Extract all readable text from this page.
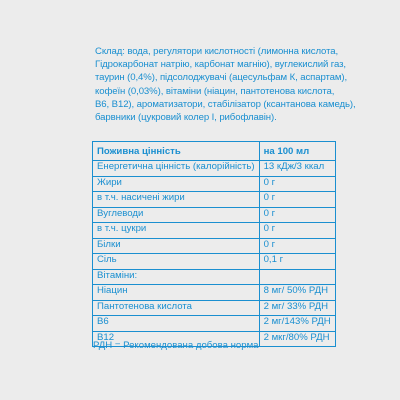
Склад: вода, регулятори кислотності (лимонна кислота,

Гідрокарбонат натрію, карбонат магнію), вуглекислий газ,

таурин (0,4%), підсолоджувачі (ацесульфам К, аспартам),

кофеїн (0,03%), вітаміни (ніацин, пантотенова кислота,

В6, В12), ароматизатори, стабілізатор (ксантанова камедь),

барвники (цукровий колер I, рибофлавін).

Поживна цінність	на 100 мл
Енергетична цінність (калорійність)	13 кДж/3 ккал
Жири	0 г
в т.ч. насичені жири	0 г
Вуглеводи	0 г
в т.ч. цукри	0 г
Білки	0 г
Сіль	0,1 г
Вітаміни:	
Ніацин	8 мг/ 50% РДН
Пантотенова кислота	2 мг/ 33% РДН
В6	2 мг/143% РДН
В12	2 мкг/80% РДН
РДН = Рекомендована добова норма
